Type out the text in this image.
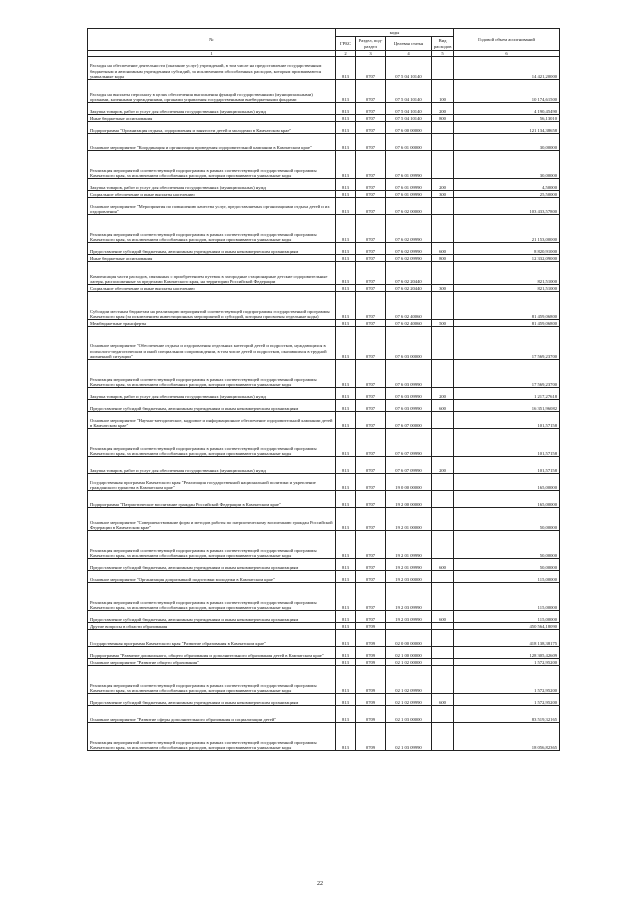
№	коды				Годовой объем ассигнований
	ГРБС	Раздел, под-раздел	Целевая статья	Вид расходов	
1	2	3	4	5	6
Расходы на обеспечение деятельности (оказание услуг) учреждений, в том числе на предоставление государственным бюджетным и автономным учреждениям субсидий, за исключением обособленных расходов, которым присваиваются уникальные коды	813	0707	07 5 04 10140		14 421,20000
Расходы на выплаты персоналу в целях обеспечения выполнения функций государственными (муниципальными) органами, казенными учреждениями, органами управления государственными внебюджетными фондами	813	0707	07 5 04 10140	100	10 174,61500
Закупка товаров, работ и услуг для обеспечения государственных (муниципальных) нужд	813	0707	07 5 04 10140	200	4 190,45490
Иные бюджетные ассигнования	813	0707	07 5 04 10140	800	56,13010
Подпрограмма "Организация отдыха, оздоровления и занятости детей и молодежи в Камчатском крае"	813	0707	07 6 00 00000		121 134,38658
Основное мероприятие "Координация и организация проведения оздоровительной кампании в Камчатском крае"	813	0707	07 6 01 00000		30,00000
Реализация мероприятий соответствующей подпрограммы в рамках соответствующей государственной программы Камчатского края, за исключением обособленных расходов, которым присваиваются уникальные коды	813	0707	07 6 01 09990		30,00000
Закупка товаров, работ и услуг для обеспечения государственных (муниципальных) нужд	813	0707	07 6 01 09990	200	4,50000
Социальное обеспечение и иные выплаты населению	813	0707	07 6 01 09990	300	25,50000
Основное мероприятие "Мероприятия по повышению качества услуг, предоставляемых организациями отдыха детей и их оздоровления"	813	0707	07 6 02 00000		103 433,57800
Реализация мероприятий соответствующей подпрограммы в рамках соответствующей государственной программы Камчатского края, за исключением обособленных расходов, которым присваиваются уникальные коды	813	0707	07 6 02 09990		21 153,00000
Предоставление субсидий бюджетным, автономным учреждениям и иным некоммерческим организациям	813	0707	07 6 02 09990	600	8 820,91000
Иные бюджетные ассигнования	813	0707	07 6 02 09990	800	12 332,09000
Компенсация части расходов, связанных с приобретением путевок в загородные стационарные детские оздоровительные лагеря, расположенные за пределами Камчатского края, на территории Российской Федерации	813	0707	07 6 02 20440		821,51000
Социальное обеспечение и иные выплаты населению	813	0707	07 6 02 20440	300	821,51000
Субсидии местным бюджетам на реализацию мероприятий соответствующей подпрограммы государственной программы Камчатского края (за исключением инвестиционных мероприятий и субсидий, которым присвоены отдельные коды)	813	0707	07 6 02 40060		81 459,06800
Межбюджетные трансферты	813	0707	07 6 02 40060	500	81 459,06800
Основное мероприятие "Обеспечение отдыха и оздоровления отдельных категорий детей и подростков, нуждающихся в психолого-педагогическом и иной специальном сопровождении, в том числе детей и подростков, оказавшихся в трудной жизненной ситуации"	813	0707	07 6 03 00000		17 569,23700
Реализация мероприятий соответствующей подпрограммы в рамках соответствующей государственной программы Камчатского края, за исключением обособленных расходов, которым присваиваются уникальные коды	813	0707	07 6 03 09990		17 569,23700
Закупка товаров, работ и услуг для обеспечения государственных (муниципальных) нужд	813	0707	07 6 03 09990	200	1 217,27618
Предоставление субсидий бюджетным, автономным учреждениям и иным некоммерческим организациям	813	0707	07 6 03 09990	600	16 351,96082
Основное мероприятие "Научно-методическое, кадровое и информационное обеспечение оздоровительной кампании детей в Камчатском крае"	813	0707	07 6 07 00000		101,57158
Реализация мероприятий соответствующей подпрограммы в рамках соответствующей государственной программы Камчатского края, за исключением обособленных расходов, которым присваиваются уникальные коды	813	0707	07 6 07 09990		101,57158
Закупка товаров, работ и услуг для обеспечения государственных (муниципальных) нужд	813	0707	07 6 07 09990	200	101,57158
Государственная программа Камчатского края "Реализация государственной национальной политики и укрепление гражданского единства в Камчатском крае"	813	0707	19 0 00 00000		165,00000
Подпрограмма "Патриотическое воспитание граждан Российской Федерации в Камчатском крае"	813	0707	19 2 00 00000		165,00000
Основное мероприятие "Совершенствование форм и методов работы по патриотическому воспитанию граждан Российской Федерации в Камчатском крае"	813	0707	19 2 01 00000		50,00000
Реализация мероприятий соответствующей подпрограммы в рамках соответствующей государственной программы Камчатского края, за исключением обособленных расходов, которым присваиваются уникальные коды	813	0707	19 2 01 09990		50,00000
Предоставление субсидий бюджетным, автономным учреждениям и иным некоммерческим организациям	813	0707	19 2 01 09990	600	50,00000
Основное мероприятие "Организация допризывной подготовки молодежи в Камчатском крае"	813	0707	19 2 03 00000		115,00000
Реализация мероприятий соответствующей подпрограммы в рамках соответствующей государственной программы Камчатского края, за исключением обособленных расходов, которым присваиваются уникальные коды	813	0707	19 2 03 09990		115,00000
Предоставление субсидий бюджетным, автономным учреждениям и иным некоммерческим организациям	813	0707	19 2 03 09990	600	115,00000
Другие вопросы в области образования	813	0709			450 564,18090
Государственная программа Камчатского края "Развитие образования в Камчатском крае"	813	0709	02 0 00 00000		418 138,38175
Подпрограмма "Развитие дошкольного, общего образования и дополнительного образования детей в Камчатском крае"	813	0709	02 1 00 00000		128 305,42609
Основное мероприятие "Развитие общего образования"	813	0709	02 1 02 00000		1 572,95200
Реализация мероприятий соответствующей подпрограммы в рамках соответствующей государственной программы Камчатского края, за исключением обособленных расходов, которым присваиваются уникальные коды	813	0709	02 1 02 09990		1 572,95200
Предоставление субсидий бюджетным, автономным учреждениям и иным некоммерческим организациям	813	0709	02 1 02 09990	600	1 572,95200
Основное мероприятие "Развитие сферы дополнительного образования и социализации детей"	813	0709	02 1 03 00000		83 519,32165
Реализация мероприятий соответствующей подпрограммы в рамках соответствующей государственной программы Камчатского края, за исключением обособленных расходов, которым присваиваются уникальные коды	813	0709	02 1 03 09990		18 056,82365
22
